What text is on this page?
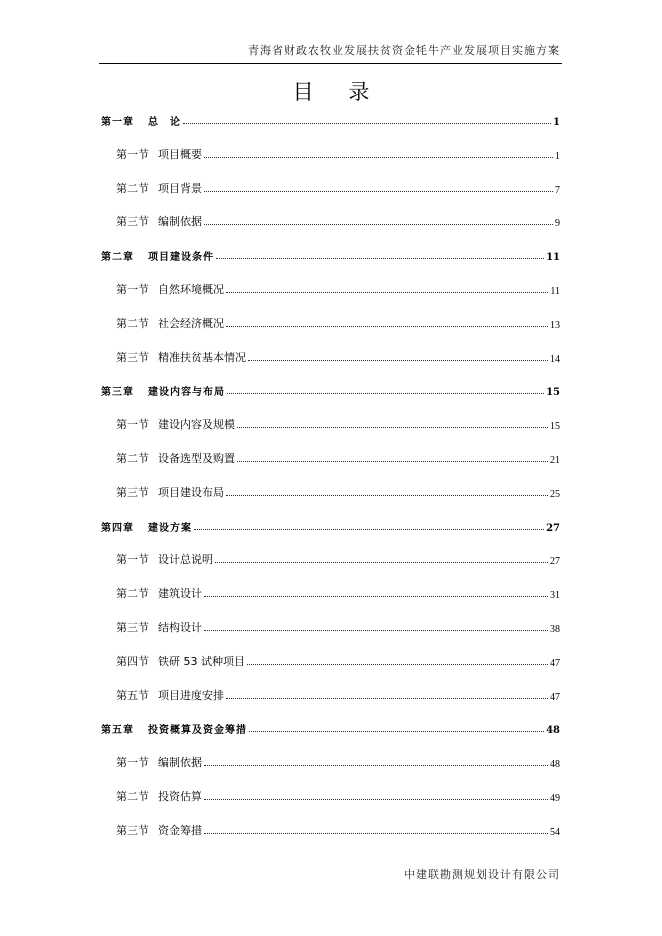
青海省财政农牧业发展扶贫资金牦牛产业发展项目实施方案
目 录
第一章 总　论	1
第一节 项目概要	1
第二节 项目背景	7
第三节 编制依据	9
第二章 项目建设条件	11
第一节 自然环境概况	11
第二节 社会经济概况	13
第三节 精准扶贫基本情况	14
第三章 建设内容与布局	15
第一节 建设内容及规模	15
第二节 设备选型及购置	21
第三节 项目建设布局	25
第四章 建设方案	27
第一节 设计总说明	27
第二节 建筑设计	31
第三节 结构设计	38
第四节 铁研 53 试种项目	47
第五节 项目进度安排	47
第五章 投资概算及资金筹措	48
第一节 编制依据	48
第二节 投资估算	49
第三节 资金筹措	54
中建联勘测规划设计有限公司
